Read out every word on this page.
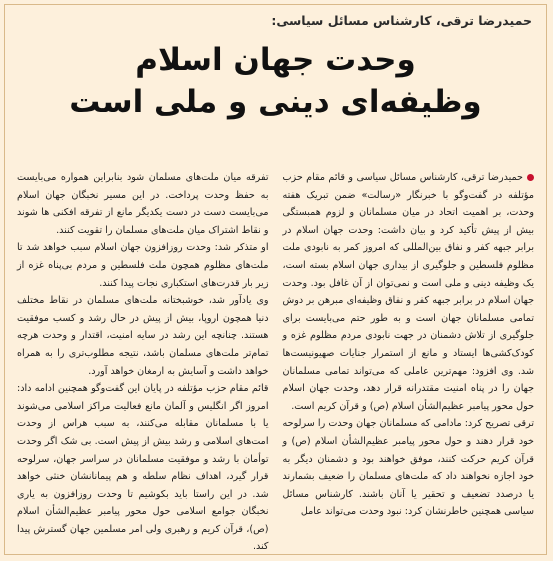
حمیدرضا ترقی، کارشناس مسائل سیاسی:
وحدت جهان اسلام
وظیفه‌ای دینی و ملی است

حمیدرضا ترقی، کارشناس مسائل سیاسی و قائم مقام حزب مؤتلفه در گفت‌وگو با خبرنگار «رسالت» ضمن تبریک هفته وحدت، بر اهمیت اتحاد در میان مسلمانان و لزوم همبستگی بیش از پیش تأکید کرد و بیان داشت: وحدت جهان اسلام در برابر جبهه کفر و نفاق بین‌المللی که امروز کمر به نابودی ملت مظلوم فلسطین و جلوگیری از بیداری جهان اسلام بسته است، یک وظیفه دینی و ملی است و نمی‌توان از آن غافل بود. وحدت جهان اسلام در برابر جبهه کفر و نفاق وظیفه‌ای مبرهن بر دوش تمامی مسلمانان جهان است و به طور حتم می‌بایست برای جلوگیری از تلاش دشمنان در جهت نابودی مردم مظلوم غزه و کودک‌کشی‌ها ایستاد و مانع از استمرار جنایات صهیونیست‌ها شد. وی افزود: مهم‌ترین عاملی که می‌تواند تمامی مسلمانان جهان را در پناه امنیت مقتدرانه قرار دهد، وحدت جهان اسلام حول محور پیامبر عظیم‌الشأن اسلام (ص) و قرآن کریم است.

ترقی تصریح کرد: مادامی که مسلمانان جهان وحدت را سرلوحه خود قرار دهند و حول محور پیامبر عظیم‌الشأن اسلام (ص) و قرآن کریم حرکت کنند، موفق خواهند بود و دشمنان دیگر به خود اجازه نخواهند داد که ملت‌های مسلمان را ضعیف بشمارند یا درصدد تضعیف و تحقیر یا آنان باشند. کارشناس مسائل سیاسی همچنین خاطرنشان کرد: نبود وحدت می‌تواند عامل

تفرقه میان ملت‌های مسلمان شود بنابراین همواره می‌بایست به حفظ وحدت پرداخت. در این مسیر نخبگان جهان اسلام می‌بایست دست در دست یکدیگر مانع از تفرقه افکنی ها شوند و نقاط اشتراک میان ملت‌های مسلمان را تقویت کنند.

او متذکر شد: وحدت روزافزون جهان اسلام سبب خواهد شد تا ملت‌های مظلوم همچون ملت فلسطین و مردم بی‌پناه غزه از زیر بار قدرت‌های استکباری نجات پیدا کنند.

وی یادآور شد، خوشبختانه ملت‌های مسلمان در نقاط مختلف دنیا همچون اروپا، بیش از پیش در حال رشد و کسب موفقیت هستند. چنانچه این رشد در سایه امنیت، اقتدار و وحدت هرچه تمام‌تر ملت‌های مسلمان باشد، نتیجه مطلوب‌تری را به همراه خواهد داشت و آسایش به ارمغان خواهد آورد.

قائم مقام حزب مؤتلفه در پایان این گفت‌وگو همچنین ادامه داد: امروز اگر انگلیس و آلمان مانع فعالیت مراکز اسلامی می‌شوند یا با مسلمانان مقابله می‌کنند، به سبب هراس از وحدت امت‌های اسلامی و رشد بیش از پیش است. بی شک اگر وحدت توأمان با رشد و موفقیت مسلمانان در سراسر جهان، سرلوحه قرار گیرد، اهداف نظام سلطه و هم پیمانانشان خنثی خواهد شد. در این راستا باید بکوشیم تا وحدت روزافزون به یاری نخبگان جوامع اسلامی حول محور پیامبر عظیم‌الشأن اسلام (ص)، قرآن کریم و رهبری ولی امر مسلمین جهان گسترش پیدا کند.
